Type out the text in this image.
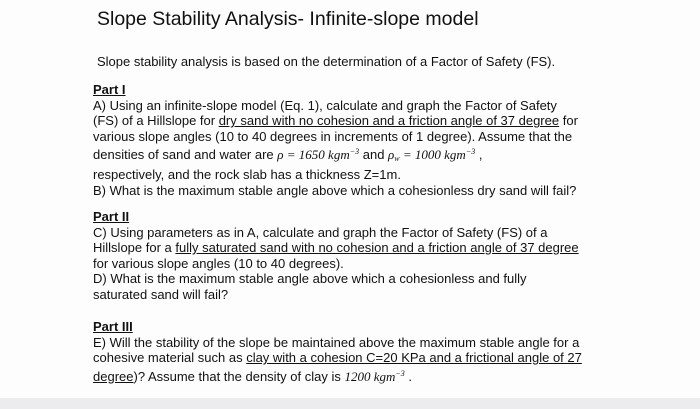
Slope Stability Analysis- Infinite-slope model

Slope stability analysis is based on the determination of a Factor of Safety (FS).

Part I
A) Using an infinite-slope model (Eq. 1), calculate and graph the Factor of Safety
(FS) of a Hillslope for dry sand with no cohesion and a friction angle of 37 degree for
various slope angles (10 to 40 degrees in increments of 1 degree). Assume that the
densities of sand and water are ρ = 1650 kgm$^{-3}$ and $\rho_w = 1000$ kgm$^{-3}$ ,
respectively, and the rock slab has a thickness Z=1m.
B) What is the maximum stable angle above which a cohesionless dry sand will fail?
Part II
C) Using parameters as in A, calculate and graph the Factor of Safety (FS) of a
Hillslope for a fully saturated sand with no cohesion and a friction angle of 37 degree
for various slope angles (10 to 40 degrees).
D) What is the maximum stable angle above which a cohesionless and fully
saturated sand will fail?
Part III
E) Will the stability of the slope be maintained above the maximum stable angle for a
cohesive material such as clay with a cohesion C=20 KPa and a frictional angle of 27
degree)? Assume that the density of clay is 1200 kgm$^{-3}$ .
